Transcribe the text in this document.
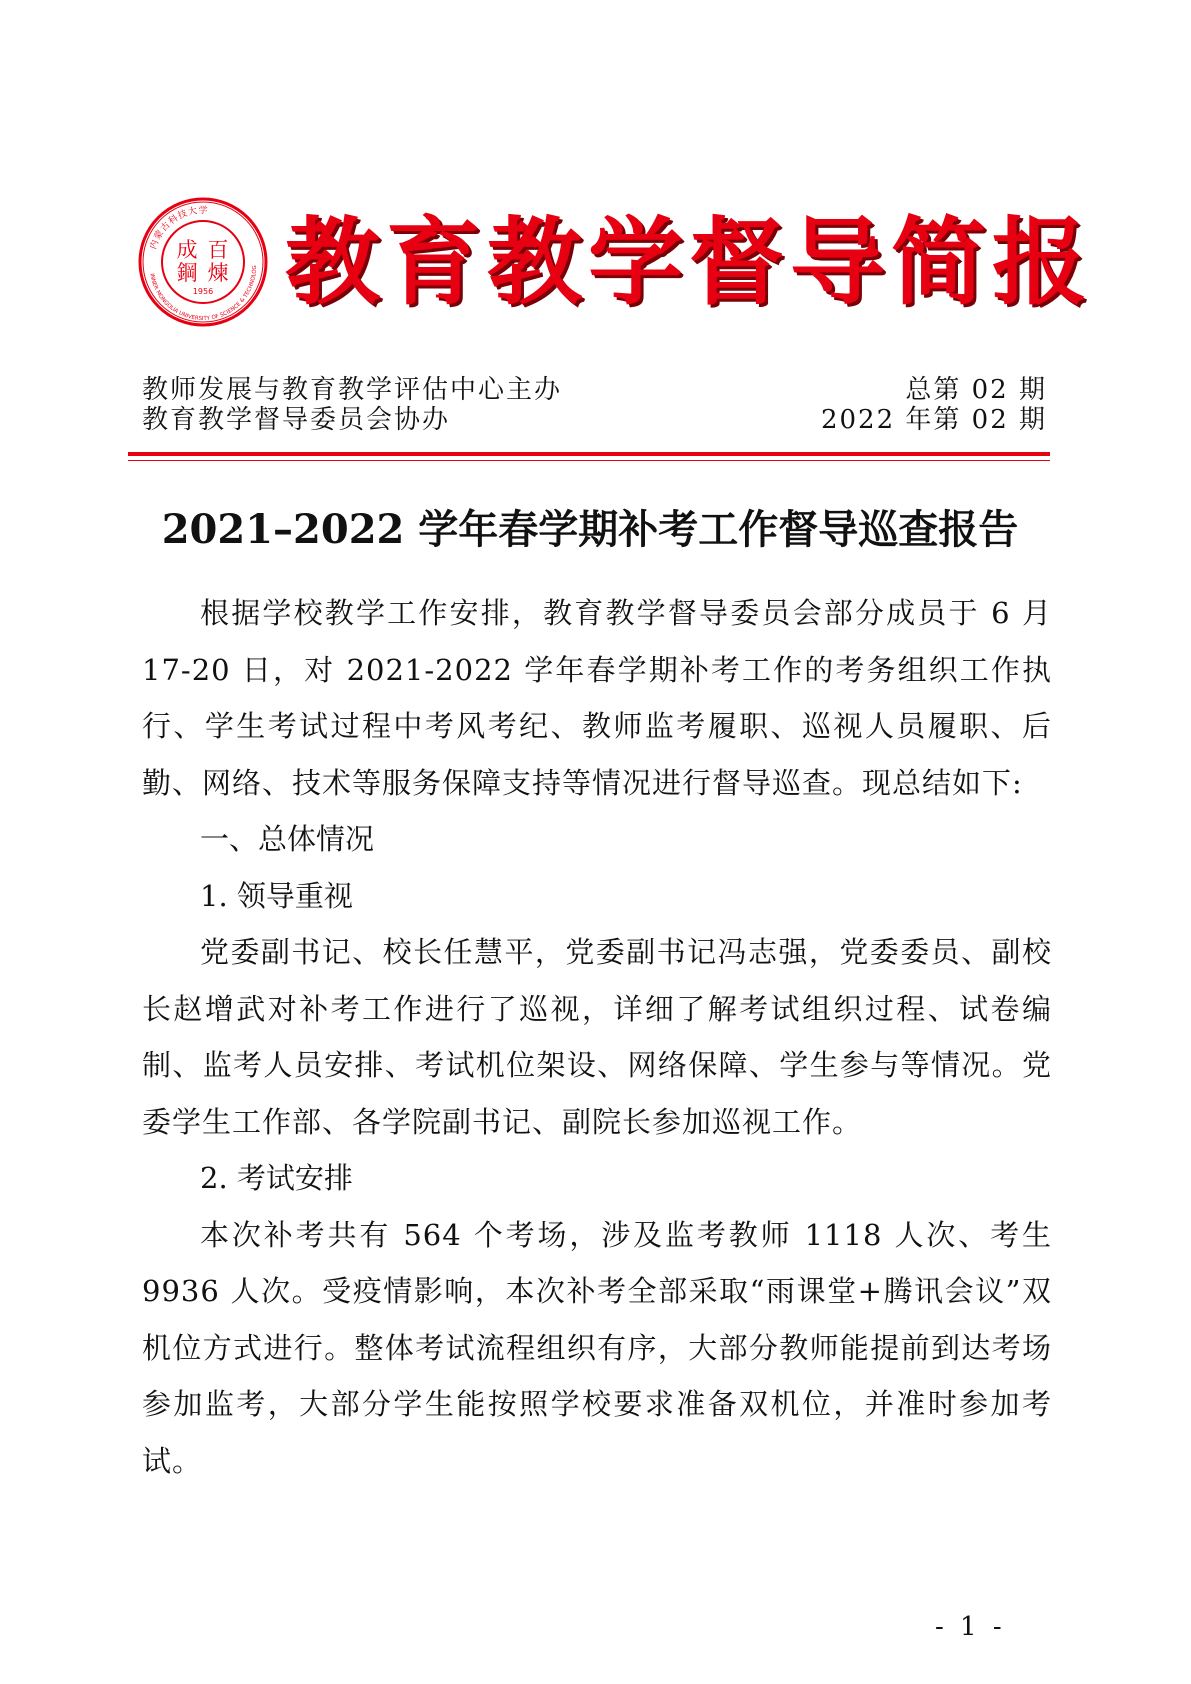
内蒙古科技大学
INNER MONGOLIA UNIVERSITY OF SCIENCE & TECHNOLOG
成 百
鋼 煉
1956 教育教学督导简报
教师发展与教育教学评估中心主办	总第 02 期
教育教学督导委员会协办	2022 年第 02 期
2021–2022 学年春学期补考工作督导巡查报告

根据学校教学工作安排，教育教学督导委员会部分成员于 6 月 17-20 日，对 2021-2022 学年春学期补考工作的考务组织工作执行、学生考试过程中考风考纪、教师监考履职、巡视人员履职、后勤、网络、技术等服务保障支持等情况进行督导巡查。现总结如下:

一、总体情况

1. 领导重视

党委副书记、校长任慧平，党委副书记冯志强，党委委员、副校长赵增武对补考工作进行了巡视，详细了解考试组织过程、试卷编制、监考人员安排、考试机位架设、网络保障、学生参与等情况。党委学生工作部、各学院副书记、副院长参加巡视工作。

2. 考试安排

本次补考共有 564 个考场，涉及监考教师 1118 人次、考生 9936 人次。受疫情影响，本次补考全部采取“雨课堂+腾讯会议”双机位方式进行。整体考试流程组织有序，大部分教师能提前到达考场参加监考，大部分学生能按照学校要求准备双机位，并准时参加考试。

- 1 -
